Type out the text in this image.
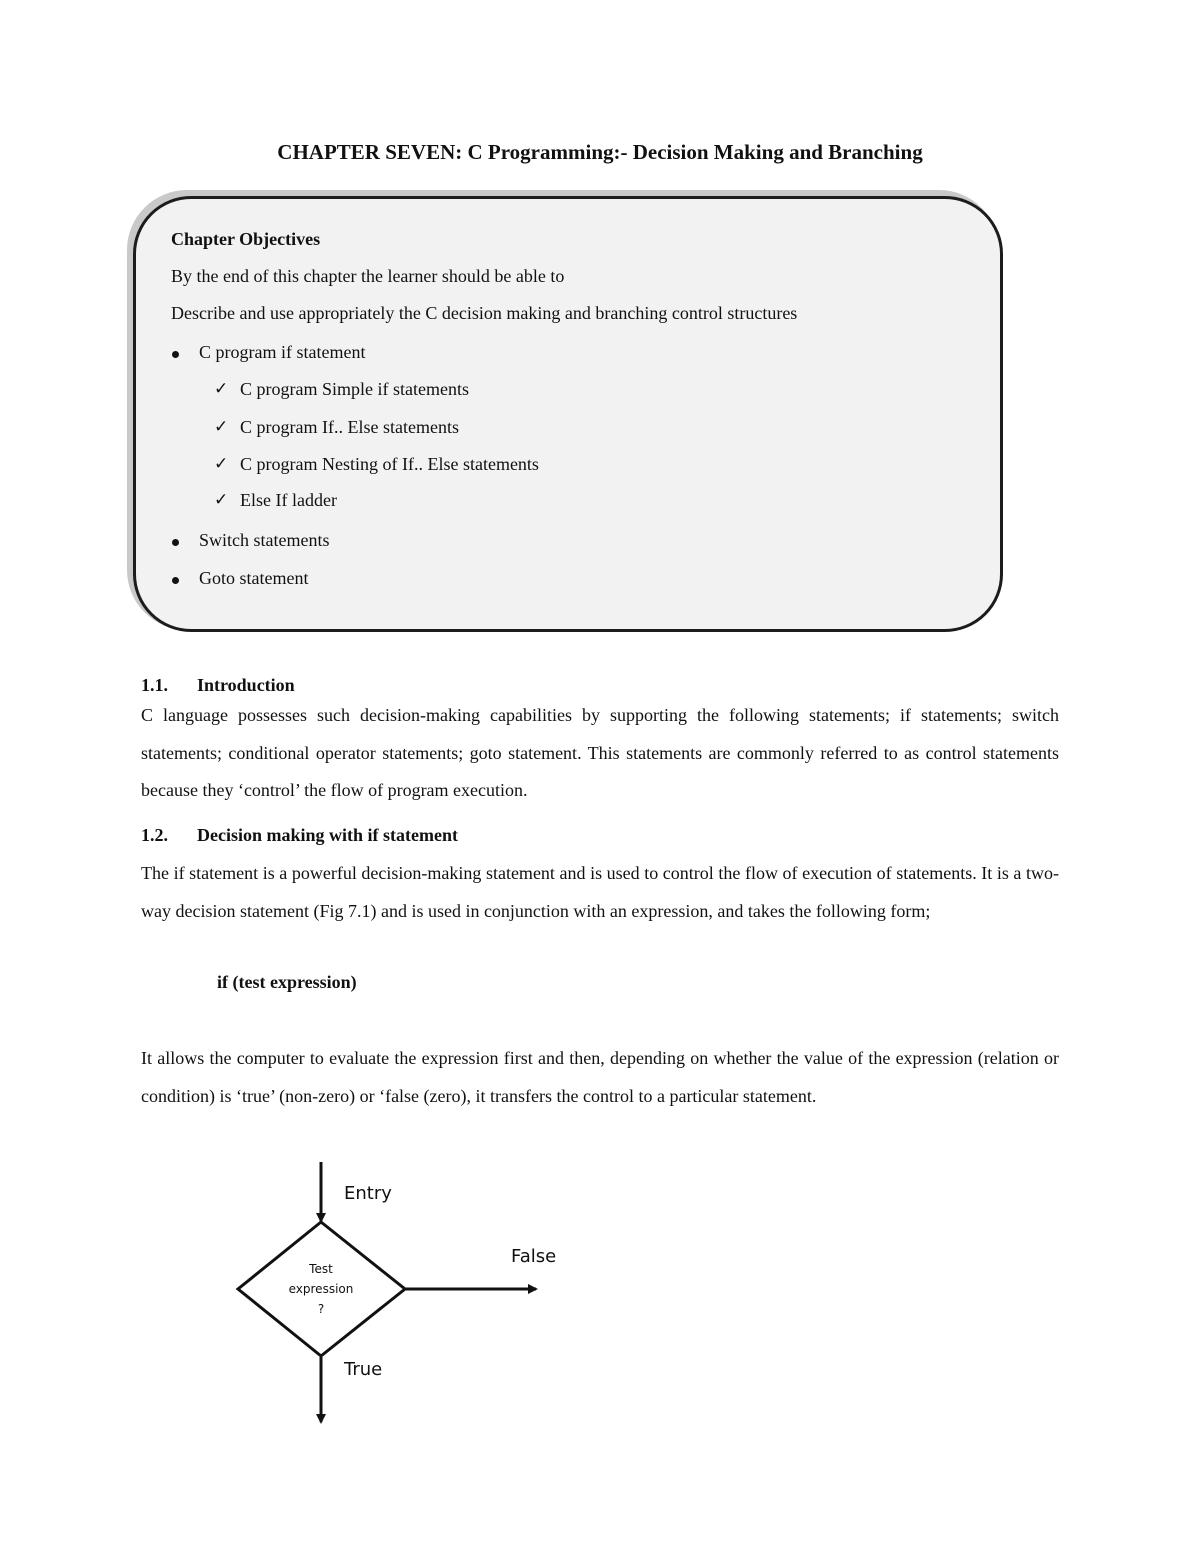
CHAPTER SEVEN: C Programming:- Decision Making and Branching
Chapter Objectives
By the end of this chapter the learner should be able to
Describe and use appropriately the C decision making and branching control structures
C program if statement
✓ C program Simple if statements
✓ C program If.. Else statements
✓ C program Nesting of If.. Else statements
✓ Else If ladder
Switch statements
Goto statement
1.1. Introduction
C language possesses such decision-making capabilities by supporting the following statements; if statements; switch statements; conditional operator statements; goto statement. This statements are commonly referred to as control statements because they ‘control’ the flow of program execution.
1.2. Decision making with if statement
The if statement is a powerful decision-making statement and is used to control the flow of execution of statements. It is a two-way decision statement (Fig 7.1) and is used in conjunction with an expression, and takes the following form;
if (test expression)
It allows the computer to evaluate the expression first and then, depending on whether the value of the expression (relation or condition) is ‘true’ (non-zero) or ‘false (zero), it transfers the control to a particular statement.
Entry
False
True
Test
expression
?
